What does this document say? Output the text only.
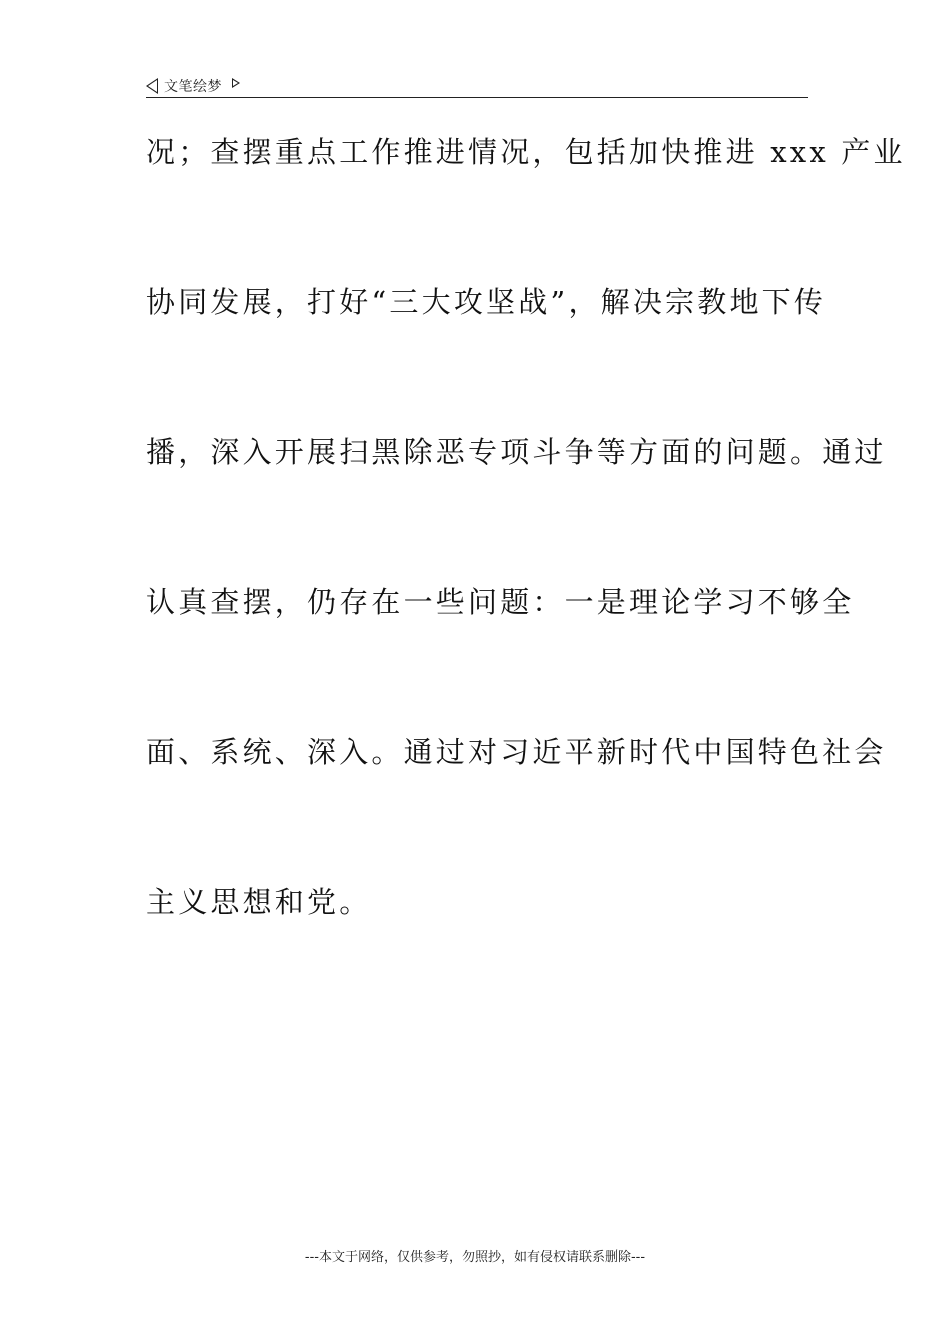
文笔绘梦
况；查摆重点工作推进情况，包括加快推进 xxx 产业
协同发展，打好“三大攻坚战”，解决宗教地下传
播，深入开展扫黑除恶专项斗争等方面的问题。通过
认真查摆，仍存在一些问题：一是理论学习不够全
面、系统、深入。通过对习近平新时代中国特色社会
主义思想和党。
---本文于网络，仅供参考，勿照抄，如有侵权请联系删除---
